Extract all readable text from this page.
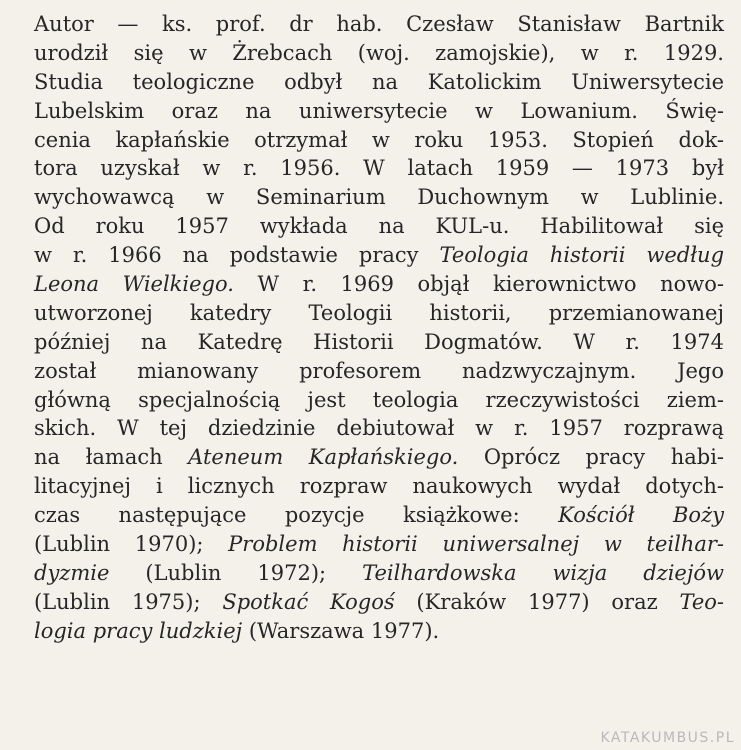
Autor — ks. prof. dr hab. Czesław Stanisław Bartnik
urodził się w Żrebcach (woj. zamojskie), w r. 1929.
Studia teologiczne odbył na Katolickim Uniwersytecie
Lubelskim oraz na uniwersytecie w Lowanium. Świę-
cenia kapłańskie otrzymał w roku 1953. Stopień dok-
tora uzyskał w r. 1956. W latach 1959 — 1973 był
wychowawcą w Seminarium Duchownym w Lublinie.
Od roku 1957 wykłada na KUL-u. Habilitował się
w r. 1966 na podstawie pracy Teologia historii według
Leona Wielkiego. W r. 1969 objął kierownictwo nowo-
utworzonej katedry Teologii historii, przemianowanej
później na Katedrę Historii Dogmatów. W r. 1974
został mianowany profesorem nadzwyczajnym. Jego
główną specjalnością jest teologia rzeczywistości ziem-
skich. W tej dziedzinie debiutował w r. 1957 rozprawą
na łamach Ateneum Kapłańskiego. Oprócz pracy habi-
litacyjnej i licznych rozpraw naukowych wydał dotych-
czas następujące pozycje książkowe: Kościół Boży
(Lublin 1970); Problem historii uniwersalnej w teilhar-
dyzmie (Lublin 1972); Teilhardowska wizja dziejów
(Lublin 1975); Spotkać Kogoś (Kraków 1977) oraz Teo-
logia pracy ludzkiej (Warszawa 1977).
KATAKUMBUS.PL
